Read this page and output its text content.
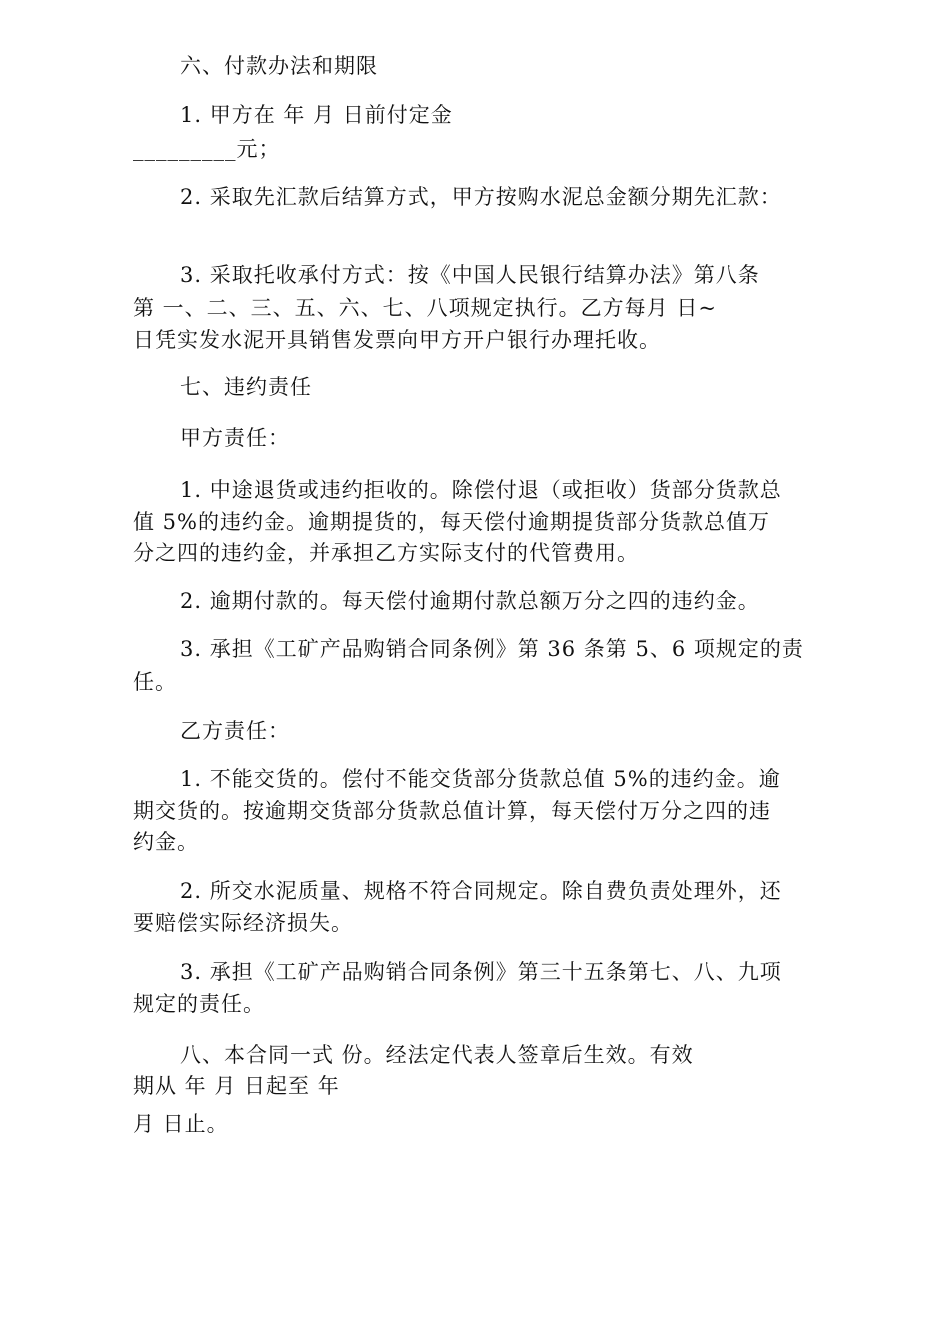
六、付款办法和期限
1. 甲方在 年 月 日前付定金
_________元；
2. 采取先汇款后结算方式，甲方按购水泥总金额分期先汇款：
3. 采取托收承付方式：按《中国人民银行结算办法》第八条
第 一、二、三、五、六、七、八项规定执行。乙方每月 日~
日凭实发水泥开具销售发票向甲方开户银行办理托收。
七、违约责任
甲方责任：
1. 中途退货或违约拒收的。除偿付退（或拒收）货部分货款总
值 5%的违约金。逾期提货的，每天偿付逾期提货部分货款总值万
分之四的违约金，并承担乙方实际支付的代管费用。
2. 逾期付款的。每天偿付逾期付款总额万分之四的违约金。
3. 承担《工矿产品购销合同条例》第 36 条第 5、6 项规定的责
任。
乙方责任：
1. 不能交货的。偿付不能交货部分货款总值 5%的违约金。逾
期交货的。按逾期交货部分货款总值计算，每天偿付万分之四的违
约金。
2. 所交水泥质量、规格不符合同规定。除自费负责处理外，还
要赔偿实际经济损失。
3. 承担《工矿产品购销合同条例》第三十五条第七、八、九项
规定的责任。
八、本合同一式 份。经法定代表人签章后生效。有效
期从 年 月 日起至 年
月 日止。
